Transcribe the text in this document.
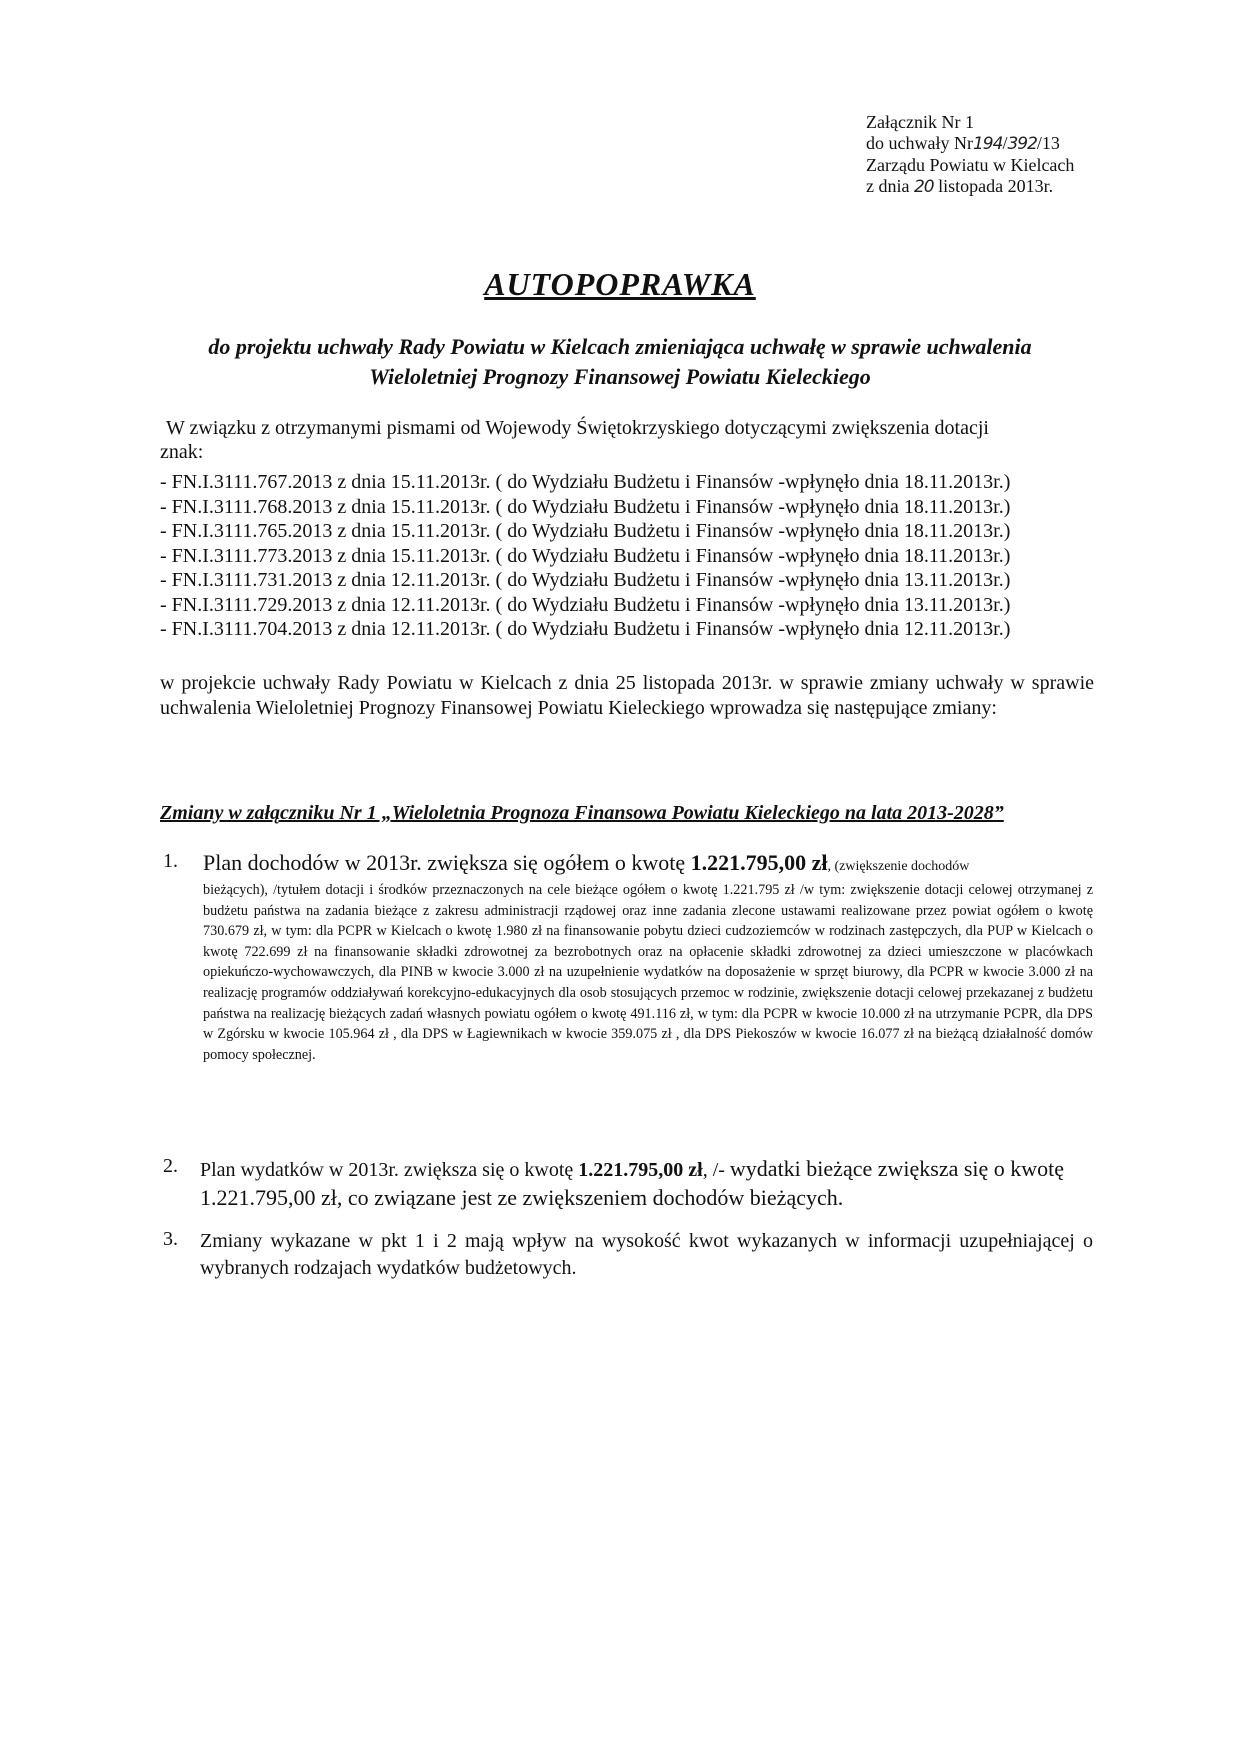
Załącznik Nr 1
do uchwały Nr194/392/13
Zarządu Powiatu w Kielcach
z dnia 20 listopada 2013r.
AUTOPOPRAWKA
do projektu uchwały Rady Powiatu w Kielcach zmieniająca uchwałę w sprawie uchwalenia
Wieloletniej Prognozy Finansowej Powiatu Kieleckiego
W związku z otrzymanymi pismami od Wojewody Świętokrzyskiego dotyczącymi zwiększenia dotacji
znak:
- FN.I.3111.767.2013 z dnia 15.11.2013r. ( do Wydziału Budżetu i Finansów -wpłynęło dnia 18.11.2013r.)
- FN.I.3111.768.2013 z dnia 15.11.2013r. ( do Wydziału Budżetu i Finansów -wpłynęło dnia 18.11.2013r.)
- FN.I.3111.765.2013 z dnia 15.11.2013r. ( do Wydziału Budżetu i Finansów -wpłynęło dnia 18.11.2013r.)
- FN.I.3111.773.2013 z dnia 15.11.2013r. ( do Wydziału Budżetu i Finansów -wpłynęło dnia 18.11.2013r.)
- FN.I.3111.731.2013 z dnia 12.11.2013r. ( do Wydziału Budżetu i Finansów -wpłynęło dnia 13.11.2013r.)
- FN.I.3111.729.2013 z dnia 12.11.2013r. ( do Wydziału Budżetu i Finansów -wpłynęło dnia 13.11.2013r.)
- FN.I.3111.704.2013 z dnia 12.11.2013r. ( do Wydziału Budżetu i Finansów -wpłynęło dnia 12.11.2013r.)
w projekcie uchwały Rady Powiatu w Kielcach z dnia 25 listopada 2013r. w sprawie zmiany uchwały w sprawie uchwalenia Wieloletniej Prognozy Finansowej Powiatu Kieleckiego wprowadza się następujące zmiany:
Zmiany w załączniku Nr 1 „Wieloletnia Prognoza Finansowa Powiatu Kieleckiego na lata 2013-2028”
1. Plan dochodów w 2013r. zwiększa się ogółem o kwotę 1.221.795,00 zł, (zwiększenie dochodów
bieżących), /tytułem dotacji i środków przeznaczonych na cele bieżące ogółem o kwotę 1.221.795 zł /w tym: zwiększenie dotacji celowej otrzymanej z budżetu państwa na zadania bieżące z zakresu administracji rządowej oraz inne zadania zlecone ustawami realizowane przez powiat ogółem o kwotę 730.679 zł, w tym: dla PCPR w Kielcach o kwotę 1.980 zł na finansowanie pobytu dzieci cudzoziemców w rodzinach zastępczych, dla PUP w Kielcach o kwotę 722.699 zł na finansowanie składki zdrowotnej za bezrobotnych oraz na opłacenie składki zdrowotnej za dzieci umieszczone w placówkach opiekuńczo-wychowawczych, dla PINB w kwocie 3.000 zł na uzupełnienie wydatków na doposażenie w sprzęt biurowy, dla PCPR w kwocie 3.000 zł na realizację programów oddziaływań korekcyjno-edukacyjnych dla osob stosujących przemoc w rodzinie, zwiększenie dotacji celowej przekazanej z budżetu państwa na realizację bieżących zadań własnych powiatu ogółem o kwotę 491.116 zł, w tym: dla PCPR w kwocie 10.000 zł na utrzymanie PCPR, dla DPS w Zgórsku w kwocie 105.964 zł , dla DPS w Łagiewnikach w kwocie 359.075 zł , dla DPS Piekoszów w kwocie 16.077 zł na bieżącą działalność domów pomocy społecznej.
2. Plan wydatków w 2013r. zwiększa się o kwotę 1.221.795,00 zł, /- wydatki bieżące zwiększa się o kwotę 1.221.795,00 zł, co związane jest ze zwiększeniem dochodów bieżących.
3. Zmiany wykazane w pkt 1 i 2 mają wpływ na wysokość kwot wykazanych w informacji uzupełniającej o wybranych rodzajach wydatków budżetowych.
